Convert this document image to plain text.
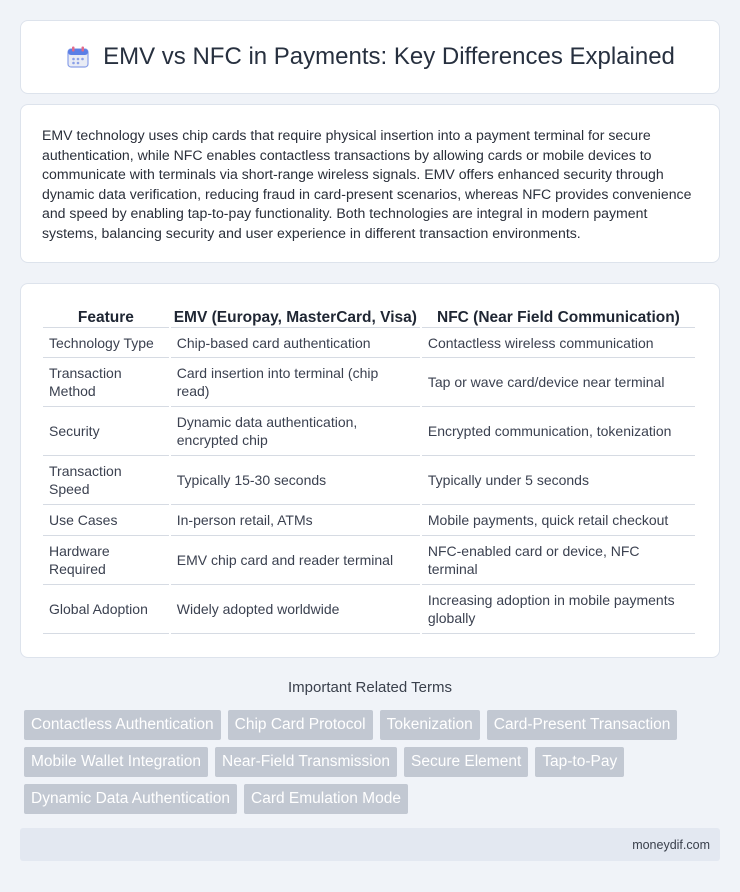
EMV vs NFC in Payments: Key Differences Explained

EMV technology uses chip cards that require physical insertion into a payment terminal for secure authentication, while NFC enables contactless transactions by allowing cards or mobile devices to communicate with terminals via short-range wireless signals. EMV offers enhanced security through dynamic data verification, reducing fraud in card-present scenarios, whereas NFC provides convenience and speed by enabling tap-to-pay functionality. Both technologies are integral in modern payment systems, balancing security and user experience in different transaction environments.

Feature	EMV (Europay, MasterCard, Visa)	NFC (Near Field Communication)
Technology Type	Chip-based card authentication	Contactless wireless communication
Transaction Method	Card insertion into terminal (chip read)	Tap or wave card/device near terminal
Security	Dynamic data authentication, encrypted chip	Encrypted communication, tokenization
Transaction Speed	Typically 15-30 seconds	Typically under 5 seconds
Use Cases	In-person retail, ATMs	Mobile payments, quick retail checkout
Hardware Required	EMV chip card and reader terminal	NFC-enabled card or device, NFC terminal
Global Adoption	Widely adopted worldwide	Increasing adoption in mobile payments globally
Important Related Terms
Contactless Authentication	Chip Card Protocol	Tokenization	Card-Present Transaction
Mobile Wallet Integration	Near-Field Transmission	Secure Element	Tap-to-Pay
Dynamic Data Authentication	Card Emulation Mode
moneydif.com
